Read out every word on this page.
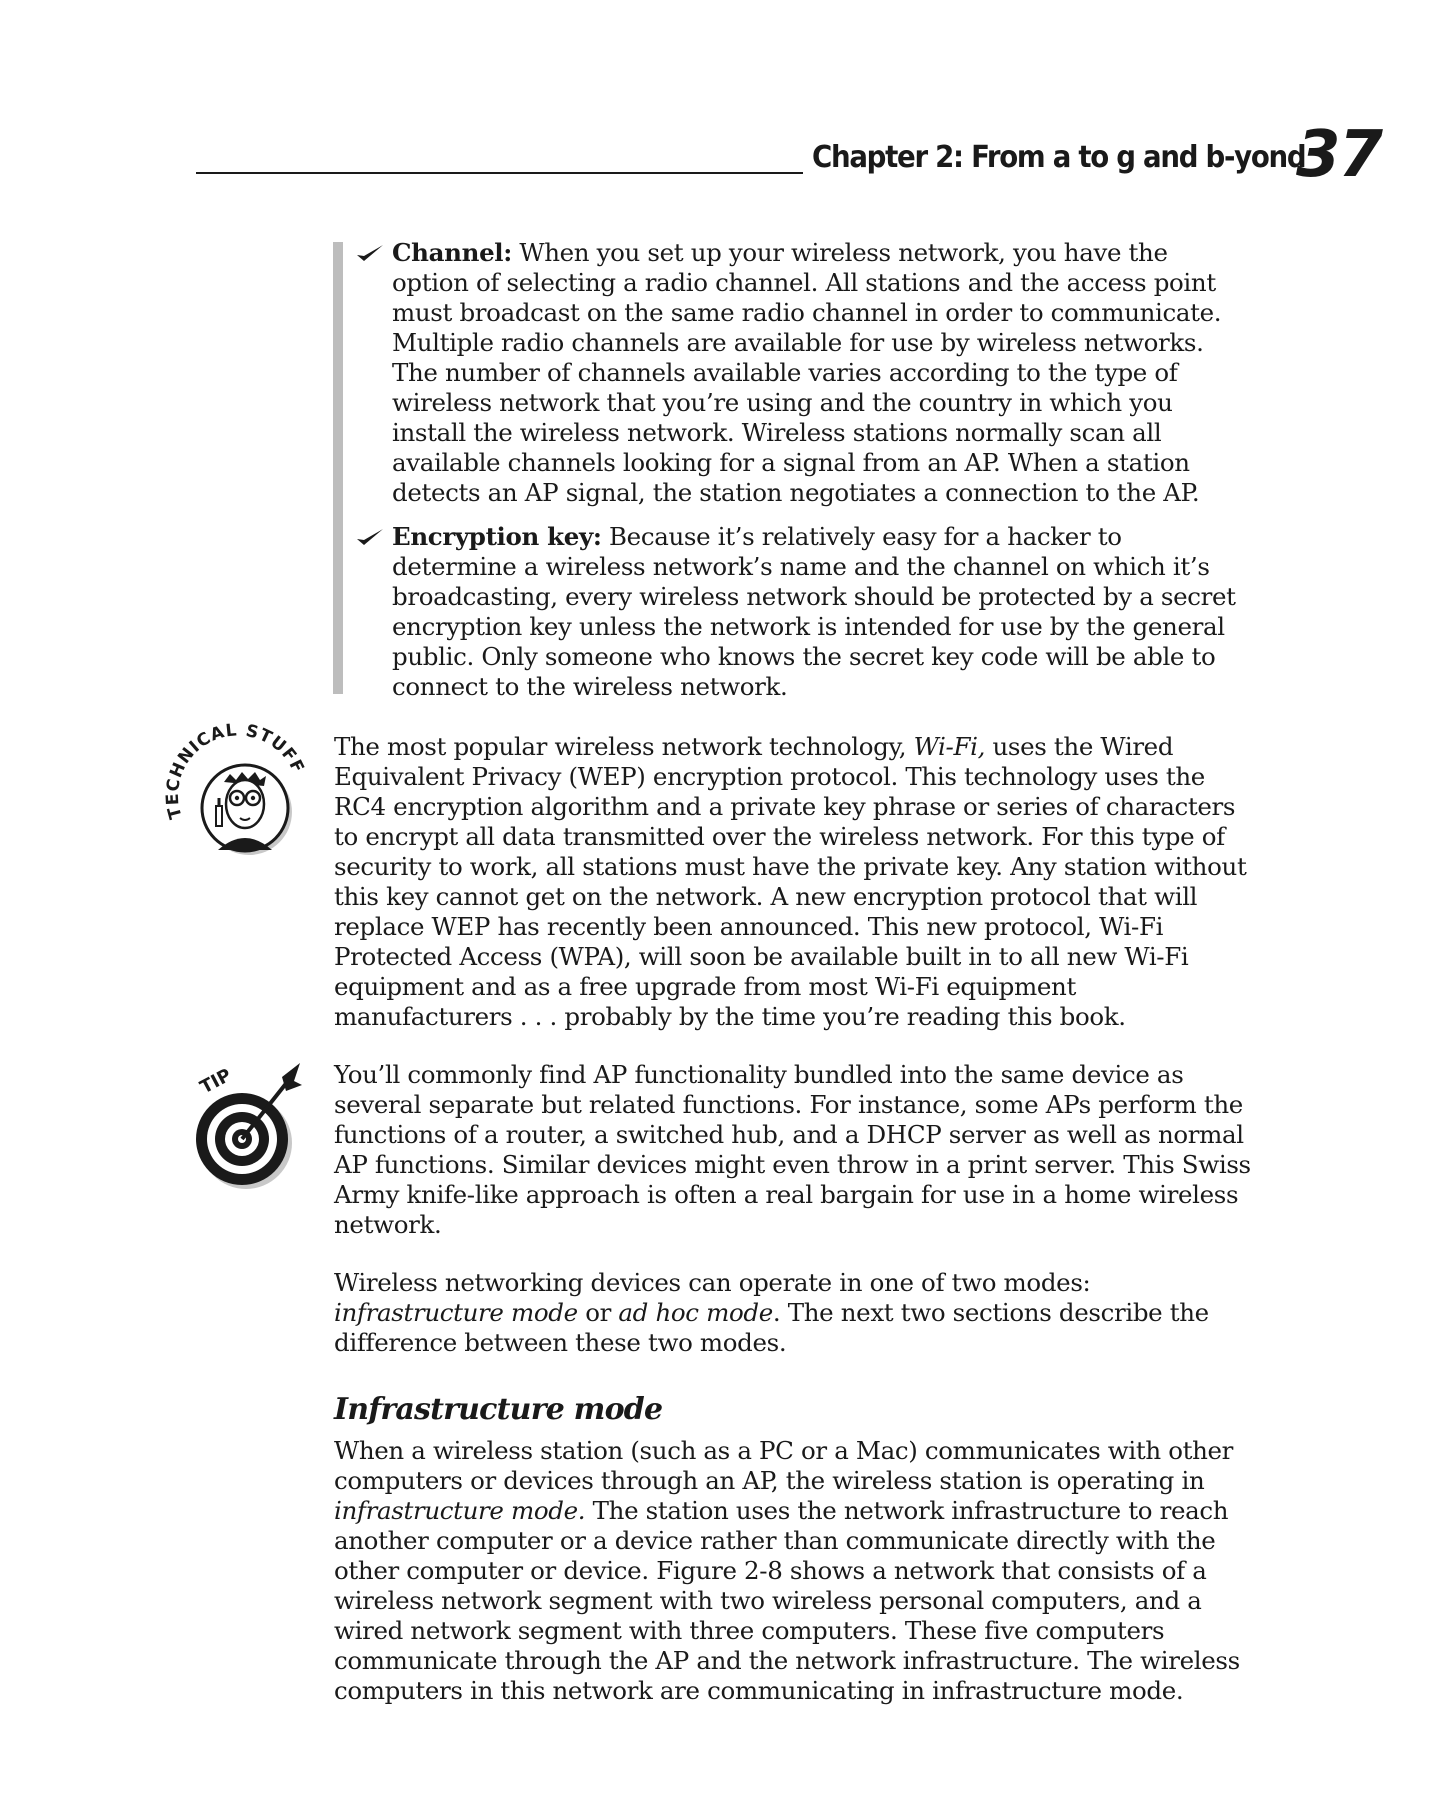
Chapter 2: From a to g and b-yond
37
Channel: When you set up your wireless network, you have the option of selecting a radio channel. All stations and the access point must broadcast on the same radio channel in order to communicate. Multiple radio channels are available for use by wireless networks. The number of channels available varies according to the type of wireless network that you’re using and the country in which you install the wireless network. Wireless stations normally scan all available channels looking for a signal from an AP. When a station detects an AP signal, the station negotiates a connection to the AP.
Encryption key: Because it’s relatively easy for a hacker to determine a wireless network’s name and the channel on which it’s broadcasting, every wireless network should be protected by a secret encryption key unless the network is intended for use by the general public. Only someone who knows the secret key code will be able to connect to the wireless network.
TECHNICAL STUFF

The most popular wireless network technology, Wi-Fi, uses the Wired Equivalent Privacy (WEP) encryption protocol. This technology uses the RC4 encryption algorithm and a private key phrase or series of characters to encrypt all data transmitted over the wireless network. For this type of security to work, all stations must have the private key. Any station without this key cannot get on the network. A new encryption protocol that will replace WEP has recently been announced. This new protocol, Wi-Fi Protected Access (WPA), will soon be available built in to all new Wi-Fi equipment and as a free upgrade from most Wi-Fi equipment manufacturers . . . probably by the time you’re reading this book.

TIP	You’ll commonly find AP functionality bundled into the same device as several separate but related functions. For instance, some APs perform the functions of a router, a switched hub, and a DHCP server as well as normal AP functions. Similar devices might even throw in a print server. This Swiss Army knife-like approach is often a real bargain for use in a home wireless network.

Wireless networking devices can operate in one of two modes: infrastructure mode or ad hoc mode. The next two sections describe the difference between these two modes.

Infrastructure mode

When a wireless station (such as a PC or a Mac) communicates with other computers or devices through an AP, the wireless station is operating in infrastructure mode. The station uses the network infrastructure to reach another computer or a device rather than communicate directly with the other computer or device. Figure 2-8 shows a network that consists of a wireless network segment with two wireless personal computers, and a wired network segment with three computers. These five computers communicate through the AP and the network infrastructure. The wireless computers in this network are communicating in infrastructure mode.
